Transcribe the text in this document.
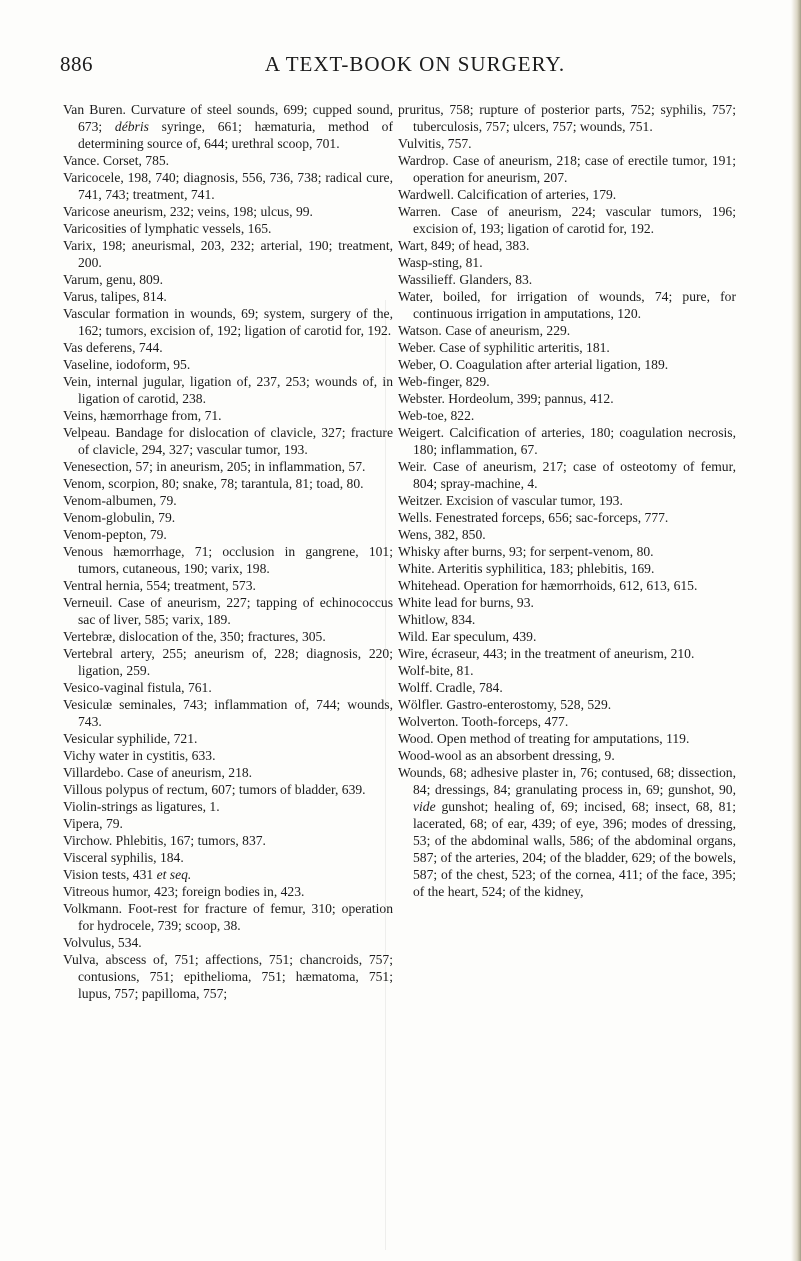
886	A TEXT-BOOK ON SURGERY.
Van Buren. Curvature of steel sounds, 699; cupped sound, 673; débris syringe, 661; hæmaturia, method of determining source of, 644; urethral scoop, 701.
Vance. Corset, 785.
Varicocele, 198, 740; diagnosis, 556, 736, 738; radical cure, 741, 743; treatment, 741.
Varicose aneurism, 232; veins, 198; ulcus, 99.
Varicosities of lymphatic vessels, 165.
Varix, 198; aneurismal, 203, 232; arterial, 190; treatment, 200.
Varum, genu, 809.
Varus, talipes, 814.
Vascular formation in wounds, 69; system, surgery of the, 162; tumors, excision of, 192; ligation of carotid for, 192.
Vas deferens, 744.
Vaseline, iodoform, 95.
Vein, internal jugular, ligation of, 237, 253; wounds of, in ligation of carotid, 238.
Veins, hæmorrhage from, 71.
Velpeau. Bandage for dislocation of clavicle, 327; fracture of clavicle, 294, 327; vascular tumor, 193.
Venesection, 57; in aneurism, 205; in inflammation, 57.
Venom, scorpion, 80; snake, 78; tarantula, 81; toad, 80.
Venom-albumen, 79.
Venom-globulin, 79.
Venom-pepton, 79.
Venous hæmorrhage, 71; occlusion in gangrene, 101; tumors, cutaneous, 190; varix, 198.
Ventral hernia, 554; treatment, 573.
Verneuil. Case of aneurism, 227; tapping of echinococcus sac of liver, 585; varix, 189.
Vertebræ, dislocation of the, 350; fractures, 305.
Vertebral artery, 255; aneurism of, 228; diagnosis, 220; ligation, 259.
Vesico-vaginal fistula, 761.
Vesiculæ seminales, 743; inflammation of, 744; wounds, 743.
Vesicular syphilide, 721.
Vichy water in cystitis, 633.
Villardebo. Case of aneurism, 218.
Villous polypus of rectum, 607; tumors of bladder, 639.
Violin-strings as ligatures, 1.
Vipera, 79.
Virchow. Phlebitis, 167; tumors, 837.
Visceral syphilis, 184.
Vision tests, 431 et seq.
Vitreous humor, 423; foreign bodies in, 423.
Volkmann. Foot-rest for fracture of femur, 310; operation for hydrocele, 739; scoop, 38.
Volvulus, 534.
Vulva, abscess of, 751; affections, 751; chancroids, 757; contusions, 751; epithelioma, 751; hæmatoma, 751; lupus, 757; papilloma, 757;
pruritus, 758; rupture of posterior parts, 752; syphilis, 757; tuberculosis, 757; ulcers, 757; wounds, 751.
Vulvitis, 757.
Wardrop. Case of aneurism, 218; case of erectile tumor, 191; operation for aneurism, 207.
Wardwell. Calcification of arteries, 179.
Warren. Case of aneurism, 224; vascular tumors, 196; excision of, 193; ligation of carotid for, 192.
Wart, 849; of head, 383.
Wasp-sting, 81.
Wassilieff. Glanders, 83.
Water, boiled, for irrigation of wounds, 74; pure, for continuous irrigation in amputations, 120.
Watson. Case of aneurism, 229.
Weber. Case of syphilitic arteritis, 181.
Weber, O. Coagulation after arterial ligation, 189.
Web-finger, 829.
Webster. Hordeolum, 399; pannus, 412.
Web-toe, 822.
Weigert. Calcification of arteries, 180; coagulation necrosis, 180; inflammation, 67.
Weir. Case of aneurism, 217; case of osteotomy of femur, 804; spray-machine, 4.
Weitzer. Excision of vascular tumor, 193.
Wells. Fenestrated forceps, 656; sac-forceps, 777.
Wens, 382, 850.
Whisky after burns, 93; for serpent-venom, 80.
White. Arteritis syphilitica, 183; phlebitis, 169.
Whitehead. Operation for hæmorrhoids, 612, 613, 615.
White lead for burns, 93.
Whitlow, 834.
Wild. Ear speculum, 439.
Wire, écraseur, 443; in the treatment of aneurism, 210.
Wolf-bite, 81.
Wolff. Cradle, 784.
Wölfler. Gastro-enterostomy, 528, 529.
Wolverton. Tooth-forceps, 477.
Wood. Open method of treating for amputations, 119.
Wood-wool as an absorbent dressing, 9.
Wounds, 68; adhesive plaster in, 76; contused, 68; dissection, 84; dressings, 84; granulating process in, 69; gunshot, 90, vide gunshot; healing of, 69; incised, 68; insect, 68, 81; lacerated, 68; of ear, 439; of eye, 396; modes of dressing, 53; of the abdominal walls, 586; of the abdominal organs, 587; of the arteries, 204; of the bladder, 629; of the bowels, 587; of the chest, 523; of the cornea, 411; of the face, 395; of the heart, 524; of the kidney,
